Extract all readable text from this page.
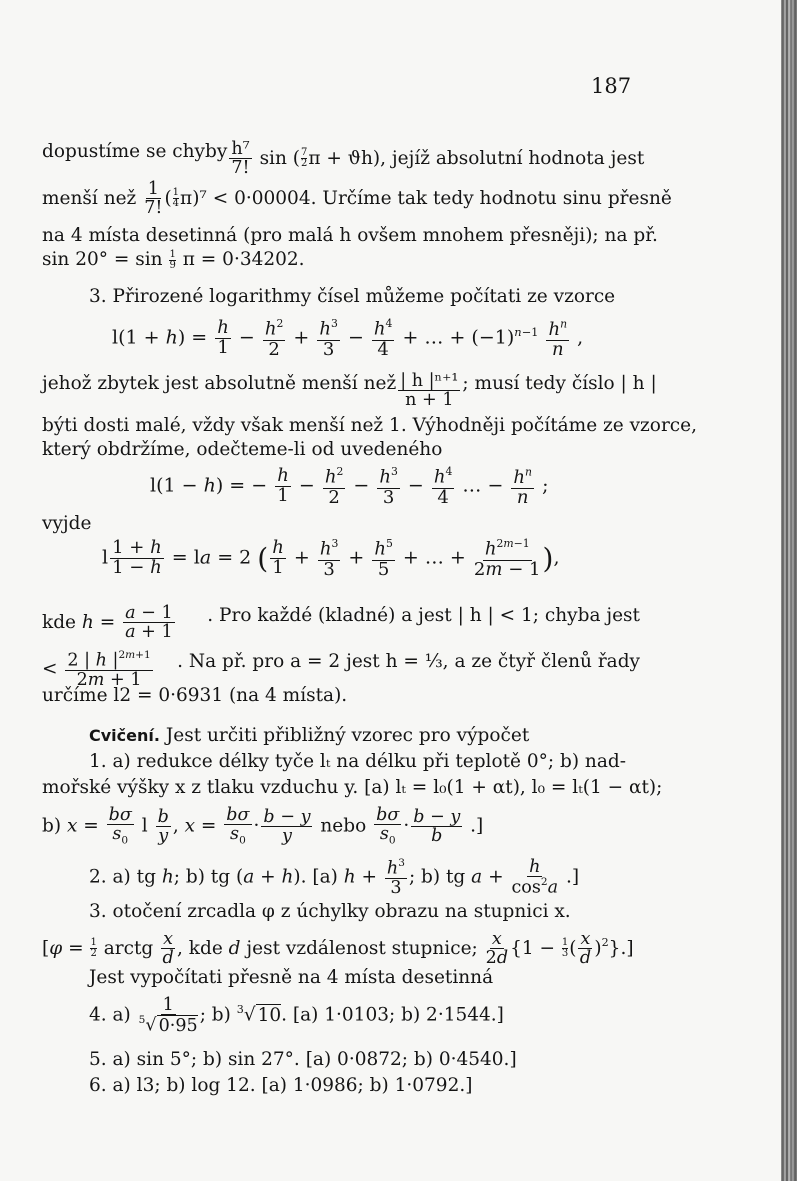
187
dopustíme se chyby $\frac{\text{h⁷}}{7!}$ sin ( $\frac{7}{2}$ π + ϑh), jejíž absolutní hodnota jest
menší než $\frac{1}{7!}$ ( $\frac{1}{4} \pi)^7 < 0\cdot 00004$. Určíme tak tedy hodnotu sinu přesně
na 4 místa desetinná (pro malá h ovšem mnohem přesněji); na př.
$\sin 20^\circ = \sin \frac{1}{9}$ π = 0·34202.
3. Přirozené logarithmy čísel můžeme počítati ze vzorce
$l(1 + h) = \frac{h}{1} - \frac{h^2}{2} + \frac{h^3}{3} - \frac{h^4}{4}$ + … + $(-1)^{n-1} \frac{h^n}{n}$ ,
jehož zbytek jest absolutně menší než $\frac{\text{| h |ⁿ⁺¹}}{n + 1}$ ; musí tedy číslo | h |
býti dosti malé, vždy však menší než 1. Výhodněji počítáme ze vzorce,
který obdržíme, odečteme-li od uvedeného
l(1 − h) = − $\frac{h}{1} - \frac{h^2}{2} - \frac{h^3}{3} - \frac{h^4}{4}$ … − $\frac{h^n}{n}$ ;
vyjde
l $\frac{1 + h}{1 - h}$ = la = 2 ( $\frac{h}{1} + \frac{h^3}{3} + \frac{h^5}{5}$ + … + $\frac{h^{2m-1}}{2m - 1}$ ),
kde $h = \frac{a - 1}{a + 1}$ . Pro každé (kladné) a jest | h | < 1; chyba jest
< $\frac{2 | h |^{2m+1}}{2m + 1}$ . Na př. pro a = 2 jest h = ⅓, a ze čtyř členů řady
určíme l2 = 0·6931 (na 4 místa).
Cvičení. Jest určiti přibližný vzorec pro výpočet
1. a) redukce délky tyče lₜ na délku při teplotě 0°; b) nad-
mořské výšky x z tlaku vzduchu y. [a) lₜ = l₀(1 + αt), l₀ = lₜ(1 − αt);
b) $x = \frac{b\sigma}{s_0}$ l $\frac{b}{y}$ , $x = \frac{b\sigma}{s_0} \cdot \frac{b - y}{y}$ nebo $\frac{b\sigma}{s_0} \cdot \frac{b - y}{b}$ .]
2. a) tg h; b) tg (a + h). [a) $h + \frac{h^3}{3}$ ; b) tg $a + \frac{h}{\cos^2a}$ .]
3. otočení zrcadla φ z úchylky obrazu na stupnici x.
[$\varphi = \frac{1}{2}$ arctg $\frac{x}{d}$ , kde d jest vzdálenost stupnice; $\frac{x}{2d} \{1 - \frac{1}{3}$ ( $\frac{x}{d} )^2$}.]
Jest vypočítati přesně na 4 místa desetinná
4. $a) \frac{1}{^5√ 0\cdot 95}$ ; b) $^3$√ 10. [a) 1·0103; b) 2·1544.]
5. a) sin 5°; b) sin 27°. [a) 0·0872; b) 0·4540.]
6. a) l3; b) log 12. [a) 1·0986; b) 1·0792.]
